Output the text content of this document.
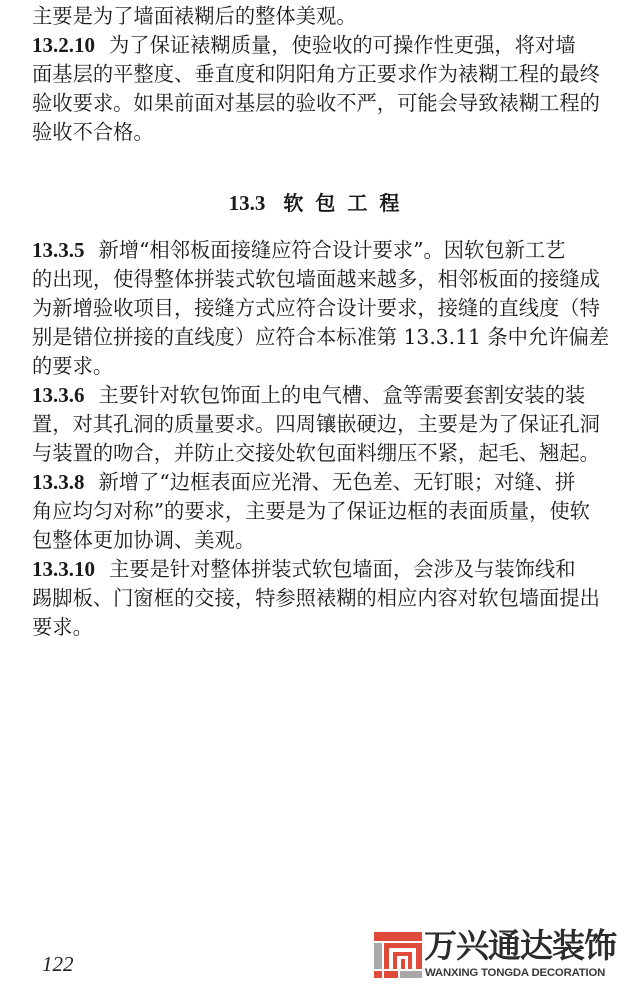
主要是为了墙面裱糊后的整体美观。
13.2.10 为了保证裱糊质量，使验收的可操作性更强，将对墙
面基层的平整度、垂直度和阴阳角方正要求作为裱糊工程的最终
验收要求。如果前面对基层的验收不严，可能会导致裱糊工程的
验收不合格。
13.3 软包工程
13.3.5 新增“相邻板面接缝应符合设计要求”。因软包新工艺
的出现，使得整体拼装式软包墙面越来越多，相邻板面的接缝成
为新增验收项目，接缝方式应符合设计要求，接缝的直线度（特
别是错位拼接的直线度）应符合本标准第 13.3.11 条中允许偏差
的要求。
13.3.6 主要针对软包饰面上的电气槽、盒等需要套割安装的装
置，对其孔洞的质量要求。四周镶嵌硬边，主要是为了保证孔洞
与装置的吻合，并防止交接处软包面料绷压不紧，起毛、翘起。
13.3.8 新增了“边框表面应光滑、无色差、无钉眼；对缝、拼
角应均匀对称”的要求，主要是为了保证边框的表面质量，使软
包整体更加协调、美观。
13.3.10 主要是针对整体拼装式软包墙面，会涉及与装饰线和
踢脚板、门窗框的交接，特参照裱糊的相应内容对软包墙面提出
要求。
122	万兴通达装饰
WANXING TONGDA DECORATION
